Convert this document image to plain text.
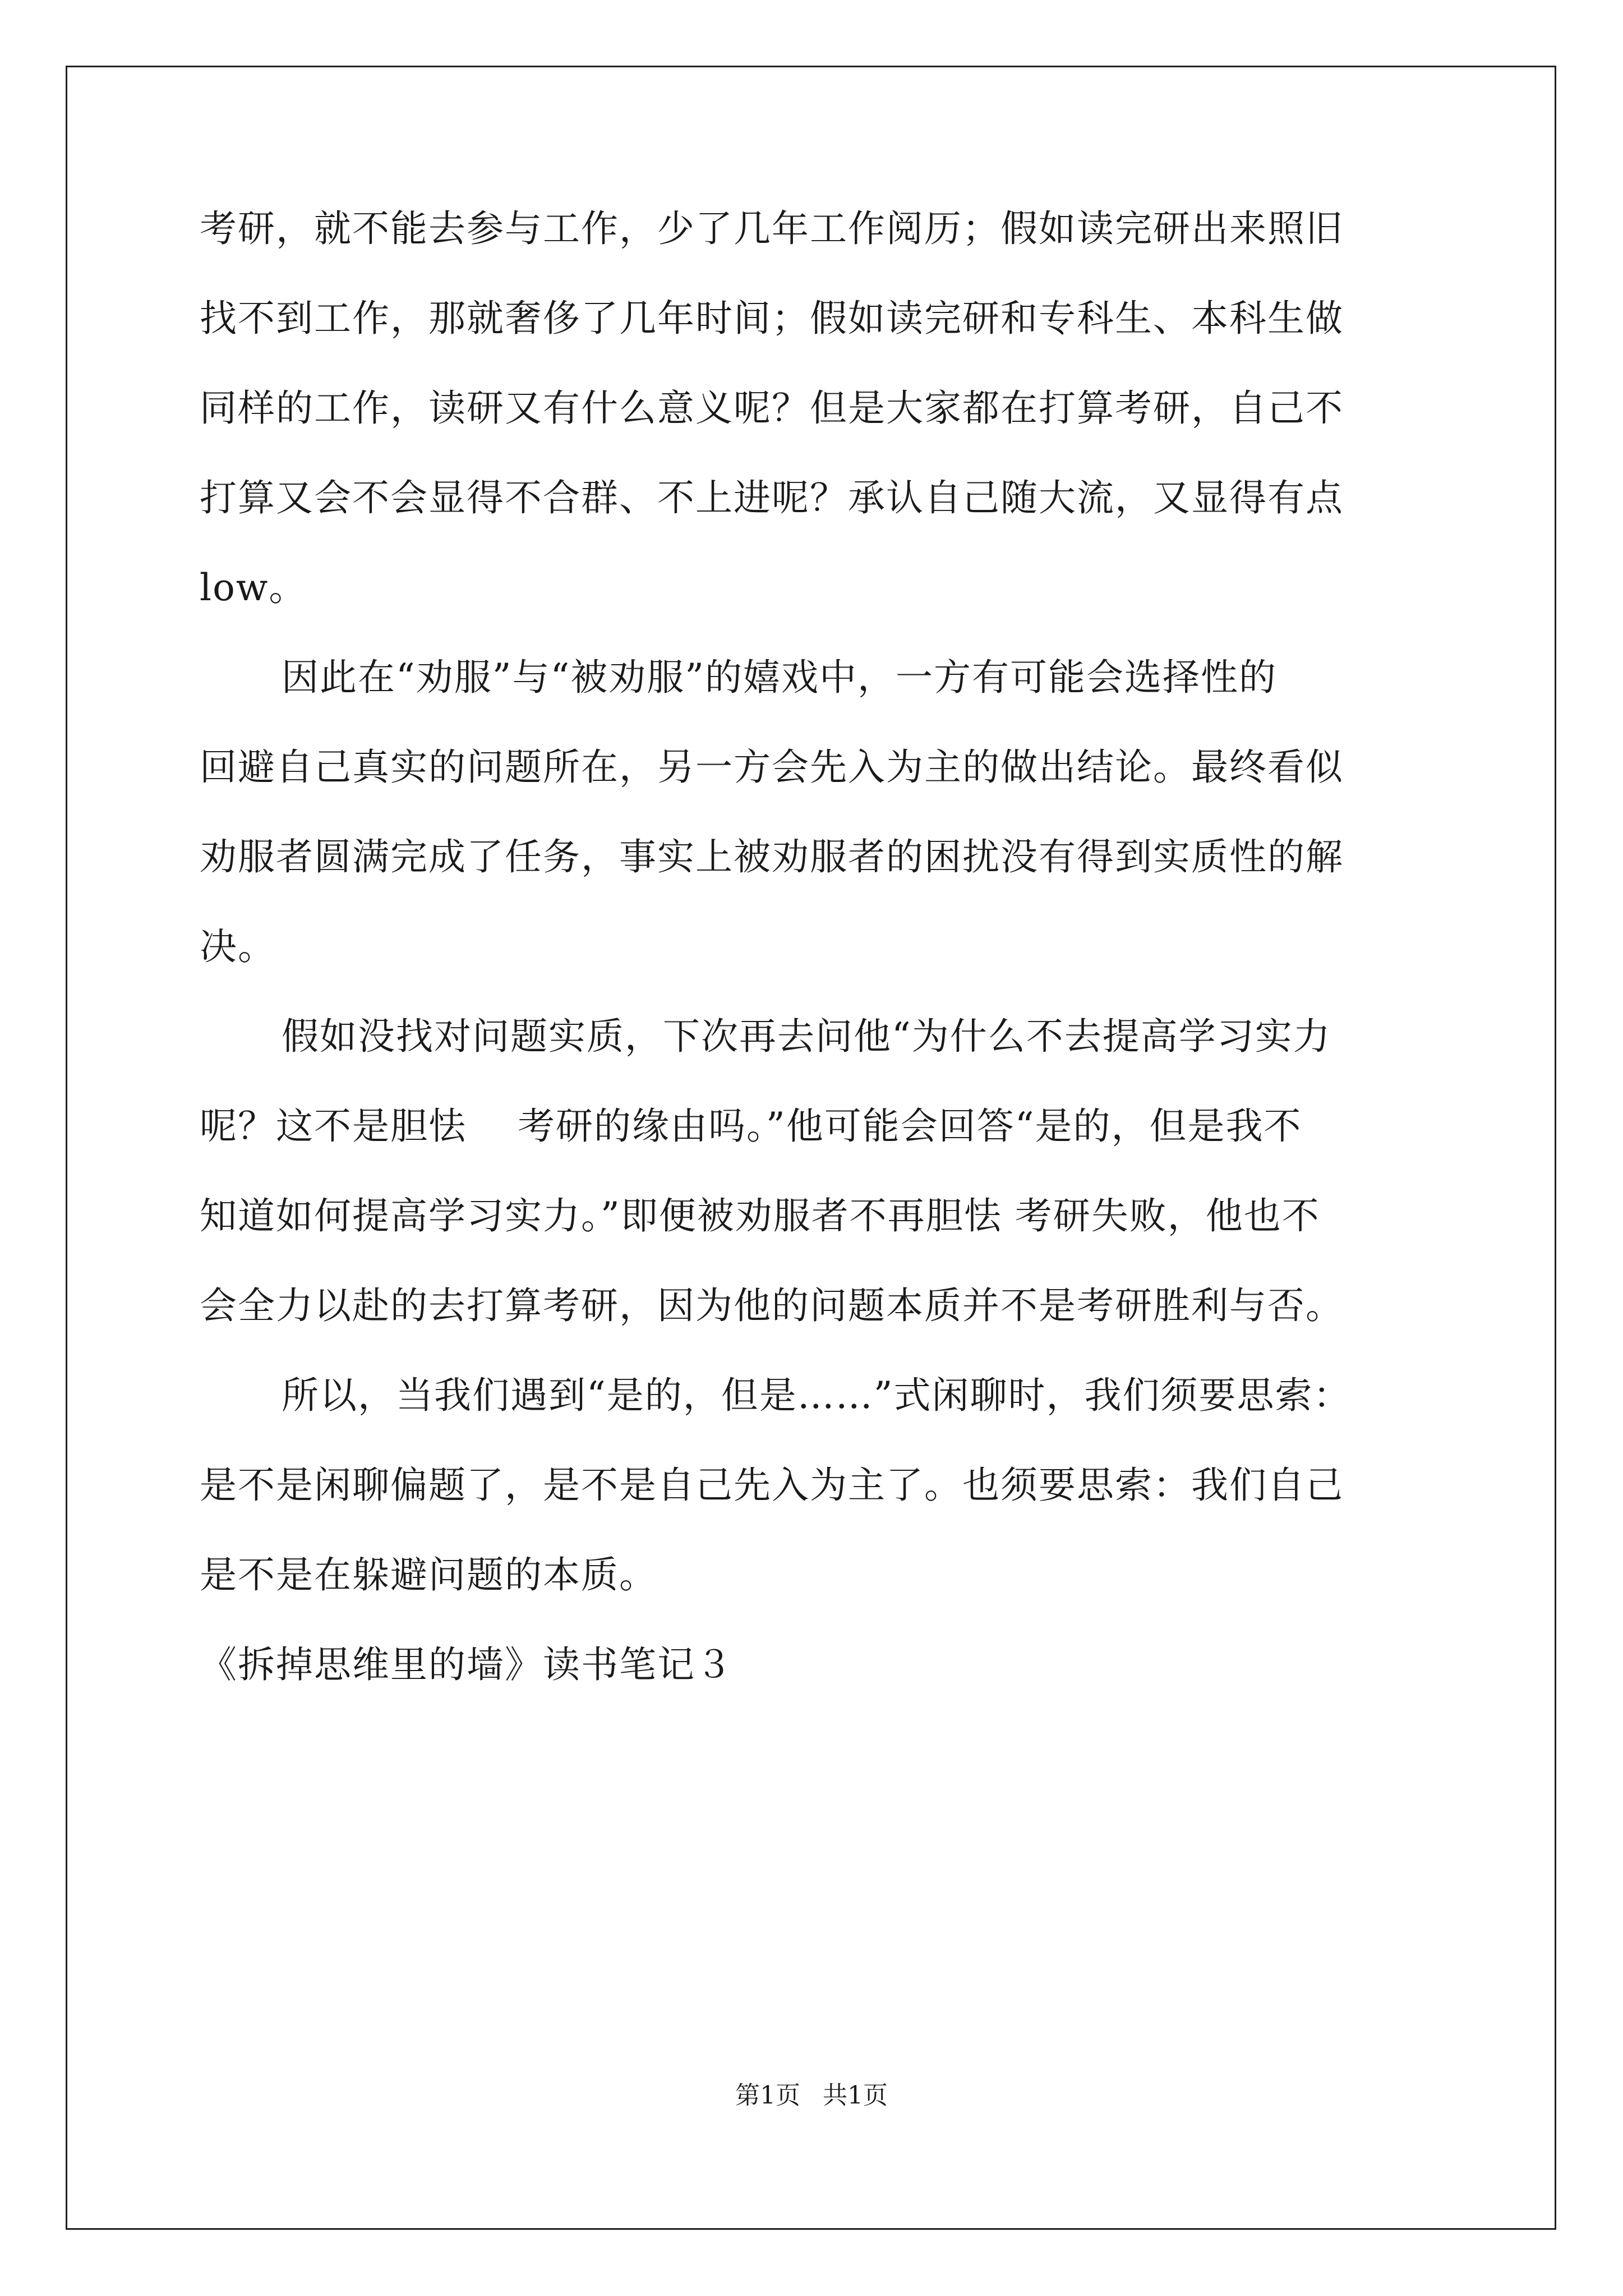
考研，就不能去参与工作，少了几年工作阅历；假如读完研出来照旧
找不到工作，那就奢侈了几年时间；假如读完研和专科生、本科生做
同样的工作，读研又有什么意义呢？但是大家都在打算考研，自己不
打算又会不会显得不合群、不上进呢？承认自己随大流，又显得有点
low。
因此在“劝服”与“被劝服”的嬉戏中，一方有可能会选择性的
回避自己真实的问题所在，另一方会先入为主的做出结论。最终看似
劝服者圆满完成了任务，事实上被劝服者的困扰没有得到实质性的解
决。
假如没找对问题实质，下次再去问他“为什么不去提高学习实力
呢？这不是胆怯　 考研的缘由吗。”他可能会回答“是的，但是我不
知道如何提高学习实力。”即便被劝服者不再胆怯 考研失败，他也不
会全力以赴的去打算考研，因为他的问题本质并不是考研胜利与否。
所以，当我们遇到“是的，但是……”式闲聊时，我们须要思索：
是不是闲聊偏题了，是不是自己先入为主了。也须要思索：我们自己
是不是在躲避问题的本质。
《拆掉思维里的墙》读书笔记３
第1页 共1页
